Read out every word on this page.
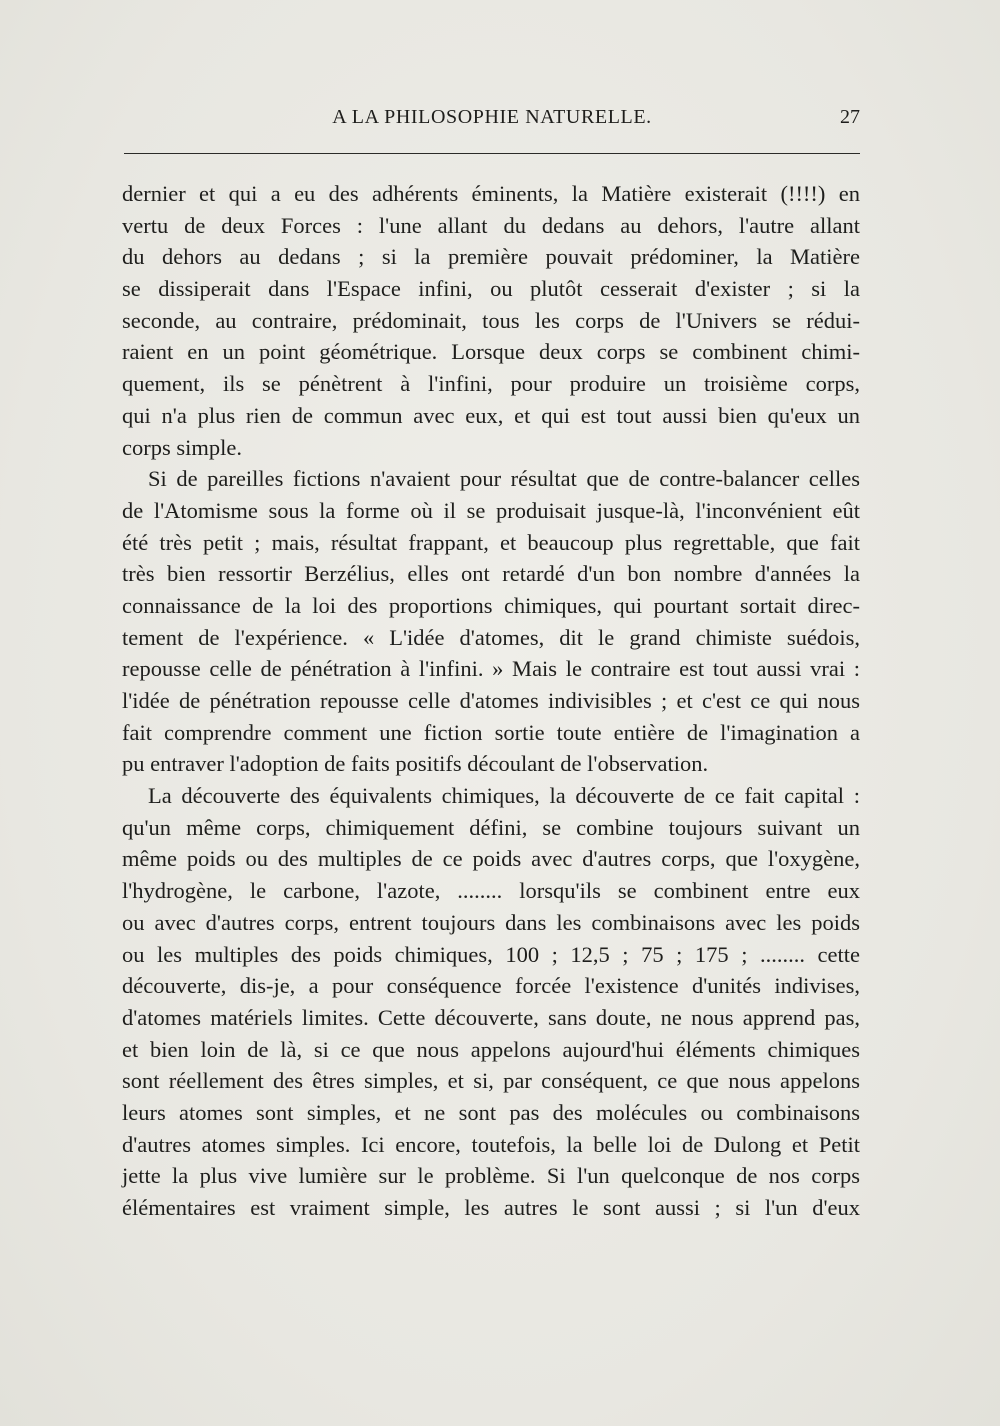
A LA PHILOSOPHIE NATURELLE.	27
dernier et qui a eu des adhérents éminents, la Matière existerait (!!!!) en
vertu de deux Forces : l'une allant du dedans au dehors, l'autre allant
du dehors au dedans ; si la première pouvait prédominer, la Matière
se dissiperait dans l'Espace infini, ou plutôt cesserait d'exister ; si la
seconde, au contraire, prédominait, tous les corps de l'Univers se rédui-
raient en un point géométrique. Lorsque deux corps se combinent chimi-
quement, ils se pénètrent à l'infini, pour produire un troisième corps,
qui n'a plus rien de commun avec eux, et qui est tout aussi bien qu'eux un
corps simple.
Si de pareilles fictions n'avaient pour résultat que de contre-balancer celles
de l'Atomisme sous la forme où il se produisait jusque-là, l'inconvénient eût
été très petit ; mais, résultat frappant, et beaucoup plus regrettable, que fait
très bien ressortir Berzélius, elles ont retardé d'un bon nombre d'années la
connaissance de la loi des proportions chimiques, qui pourtant sortait direc-
tement de l'expérience. « L'idée d'atomes, dit le grand chimiste suédois,
repousse celle de pénétration à l'infini. » Mais le contraire est tout aussi vrai :
l'idée de pénétration repousse celle d'atomes indivisibles ; et c'est ce qui nous
fait comprendre comment une fiction sortie toute entière de l'imagination a
pu entraver l'adoption de faits positifs découlant de l'observation.
La découverte des équivalents chimiques, la découverte de ce fait capital :
qu'un même corps, chimiquement défini, se combine toujours suivant un
même poids ou des multiples de ce poids avec d'autres corps, que l'oxygène,
l'hydrogène, le carbone, l'azote, ........ lorsqu'ils se combinent entre eux
ou avec d'autres corps, entrent toujours dans les combinaisons avec les poids
ou les multiples des poids chimiques, 100 ; 12,5 ; 75 ; 175 ; ........ cette
découverte, dis-je, a pour conséquence forcée l'existence d'unités indivises,
d'atomes matériels limites. Cette découverte, sans doute, ne nous apprend pas,
et bien loin de là, si ce que nous appelons aujourd'hui éléments chimiques
sont réellement des êtres simples, et si, par conséquent, ce que nous appelons
leurs atomes sont simples, et ne sont pas des molécules ou combinaisons
d'autres atomes simples. Ici encore, toutefois, la belle loi de Dulong et Petit
jette la plus vive lumière sur le problème. Si l'un quelconque de nos corps
élémentaires est vraiment simple, les autres le sont aussi ; si l'un d'eux
